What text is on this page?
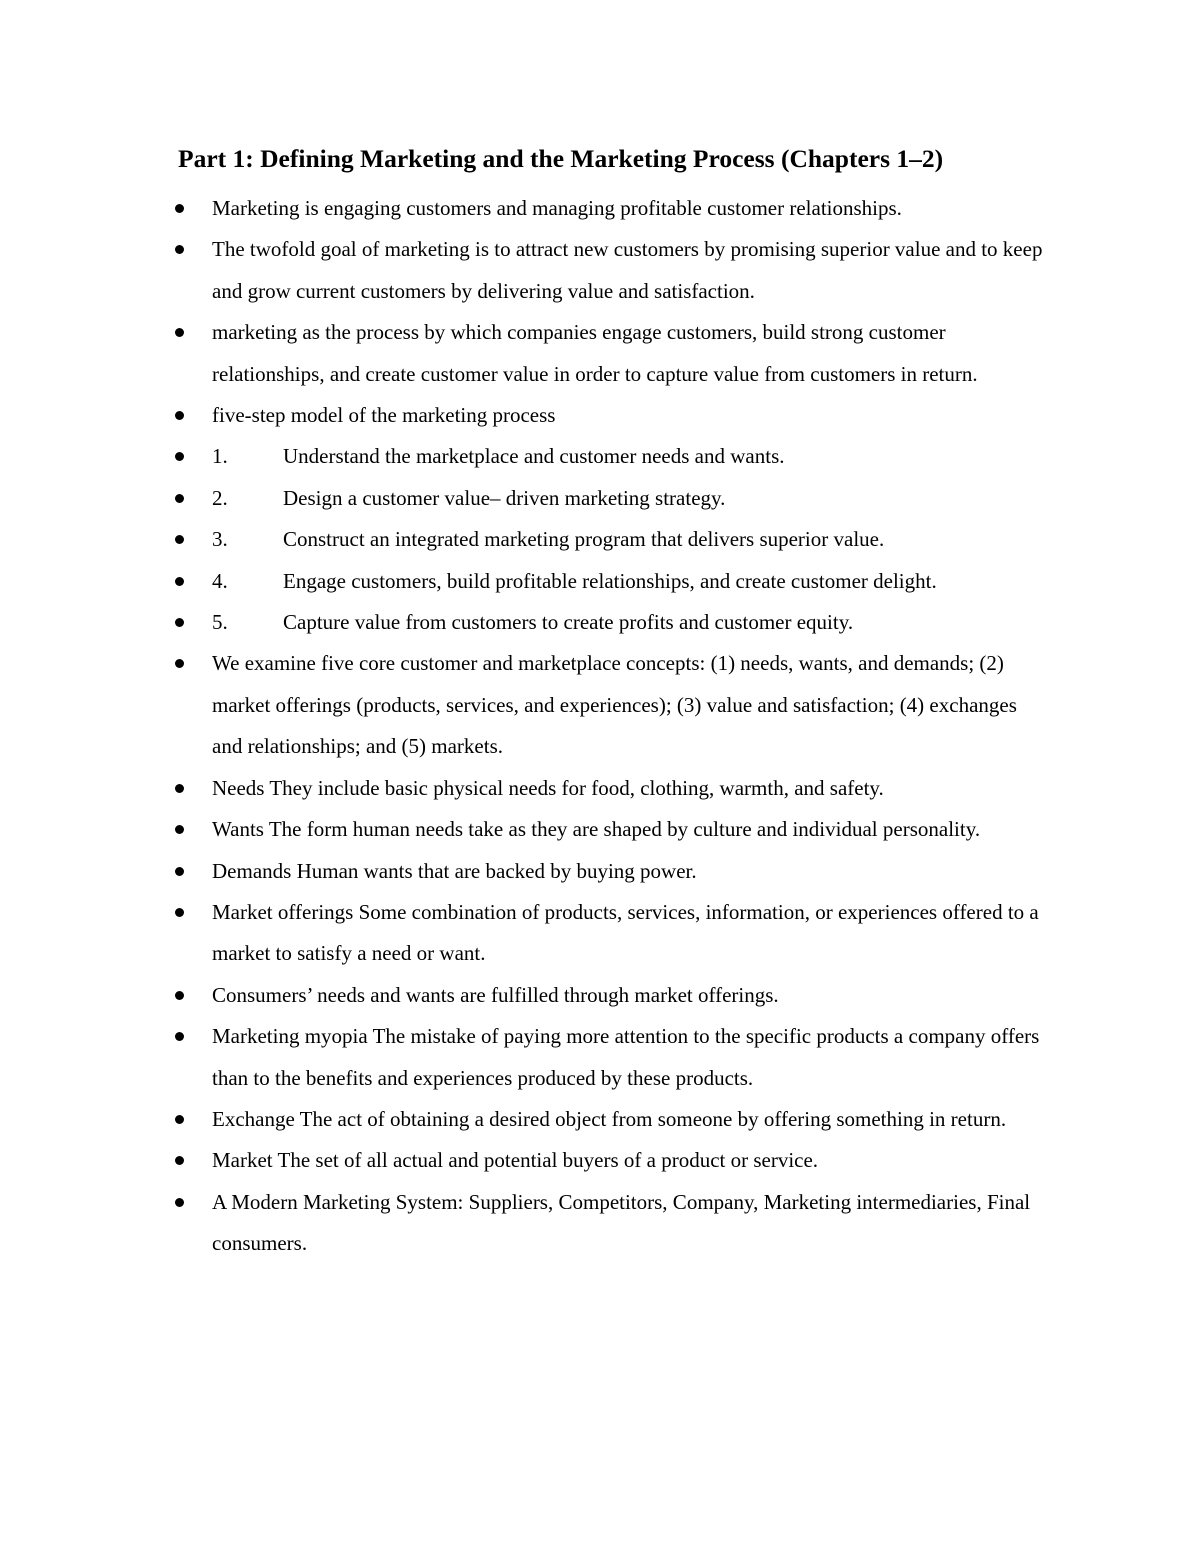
Part 1: Defining Marketing and the Marketing Process (Chapters 1–2)
Marketing is engaging customers and managing profitable customer relationships.
The twofold goal of marketing is to attract new customers by promising superior value and to keep and grow current customers by delivering value and satisfaction.
marketing as the process by which companies engage customers, build strong customer relationships, and create customer value in order to capture value from customers in return.
five-step model of the marketing process
1.	Understand the marketplace and customer needs and wants.
2.	Design a customer value– driven marketing strategy.
3.	Construct an integrated marketing program that delivers superior value.
4.	Engage customers, build profitable relationships, and create customer delight.
5.	Capture value from customers to create profits and customer equity.
We examine five core customer and marketplace concepts: (1) needs, wants, and demands; (2) market offerings (products, services, and experiences); (3) value and satisfaction; (4) exchanges and relationships; and (5) markets.
Needs They include basic physical needs for food, clothing, warmth, and safety.
Wants The form human needs take as they are shaped by culture and individual personality.
Demands Human wants that are backed by buying power.
Market offerings Some combination of products, services, information, or experiences offered to a market to satisfy a need or want.
Consumers’ needs and wants are fulfilled through market offerings.
Marketing myopia The mistake of paying more attention to the specific products a company offers than to the benefits and experiences produced by these products.
Exchange The act of obtaining a desired object from someone by offering something in return.
Market The set of all actual and potential buyers of a product or service.
A Modern Marketing System: Suppliers, Competitors, Company, Marketing intermediaries, Final consumers.
